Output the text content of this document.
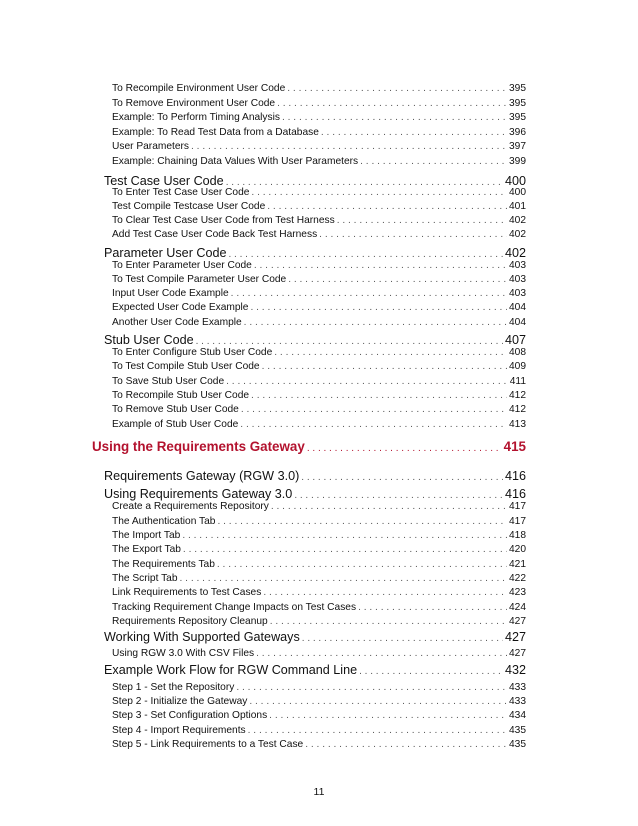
To Recompile Environment User Code . . .	395
To Remove Environment User Code . . .	395
Example: To Perform Timing Analysis . . .	395
Example: To Read Test Data from a Database . . .	396
User Parameters . . .	397
Example: Chaining Data Values With User Parameters . . .	399
Test Case User Code . . .	400
To Enter Test Case User Code . . .	400
Test Compile Testcase User Code . . .	401
To Clear Test Case User Code from Test Harness . . .	402
Add Test Case User Code Back Test Harness . . .	402
Parameter User Code . . .	402
To Enter Parameter User Code . . .	403
To Test Compile Parameter User Code . . .	403
Input User Code Example . . .	403
Expected User Code Example . . .	404
Another User Code Example . . .	404
Stub User Code . . .	407
To Enter Configure Stub User Code . . .	408
To Test Compile Stub User Code . . .	409
To Save Stub User Code . . .	411
To Recompile Stub User Code . . .	412
To Remove Stub User Code . . .	412
Example of Stub User Code . . .	413
Using the Requirements Gateway . . .	415
Requirements Gateway (RGW 3.0) . . .	416
Using Requirements Gateway 3.0 . . .	416
Create a Requirements Repository . . .	417
The Authentication Tab . . .	417
The Import Tab . . .	418
The Export Tab . . .	420
The Requirements Tab . . .	421
The Script Tab . . .	422
Link Requirements to Test Cases . . .	423
Tracking Requirement Change Impacts on Test Cases . . .	424
Requirements Repository Cleanup . . .	427
Working With Supported Gateways . . .	427
Using RGW 3.0 With CSV Files . . .	427
Example Work Flow for RGW Command Line . . .	432
Step 1 - Set the Repository . . .	433
Step 2 - Initialize the Gateway . . .	433
Step 3 - Set Configuration Options . . .	434
Step 4 - Import Requirements . . .	435
Step 5 - Link Requirements to a Test Case . . .	435
11
